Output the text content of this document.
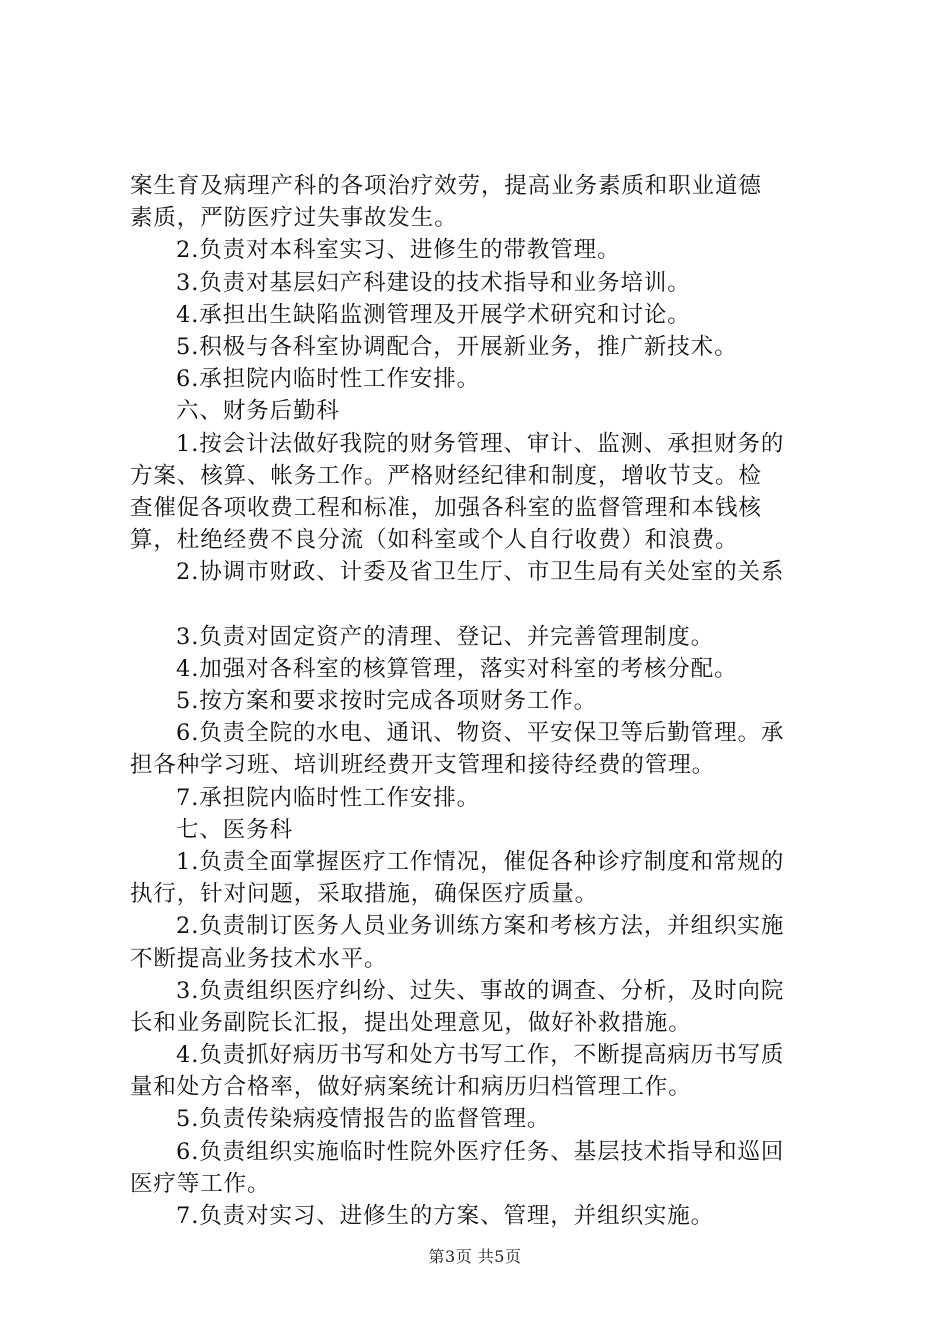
案生育及病理产科的各项治疗效劳，提高业务素质和职业道德

素质，严防医疗过失事故发生。

2.负责对本科室实习、进修生的带教管理。

3.负责对基层妇产科建设的技术指导和业务培训。

4.承担出生缺陷监测管理及开展学术研究和讨论。

5.积极与各科室协调配合，开展新业务，推广新技术。

6.承担院内临时性工作安排。

六、财务后勤科

1.按会计法做好我院的财务管理、审计、监测、承担财务的

方案、核算、帐务工作。严格财经纪律和制度，增收节支。检

查催促各项收费工程和标准，加强各科室的监督管理和本钱核

算，杜绝经费不良分流（如科室或个人自行收费）和浪费。

2.协调市财政、计委及省卫生厅、市卫生局有关处室的关系

3.负责对固定资产的清理、登记、并完善管理制度。

4.加强对各科室的核算管理，落实对科室的考核分配。

5.按方案和要求按时完成各项财务工作。

6.负责全院的水电、通讯、物资、平安保卫等后勤管理。承

担各种学习班、培训班经费开支管理和接待经费的管理。

7.承担院内临时性工作安排。

七、医务科

1.负责全面掌握医疗工作情况，催促各种诊疗制度和常规的

执行，针对问题，采取措施，确保医疗质量。

2.负责制订医务人员业务训练方案和考核方法，并组织实施

不断提高业务技术水平。

3.负责组织医疗纠纷、过失、事故的调查、分析，及时向院

长和业务副院长汇报，提出处理意见，做好补救措施。

4.负责抓好病历书写和处方书写工作，不断提高病历书写质

量和处方合格率，做好病案统计和病历归档管理工作。

5.负责传染病疫情报告的监督管理。

6.负责组织实施临时性院外医疗任务、基层技术指导和巡回

医疗等工作。

7.负责对实习、进修生的方案、管理，并组织实施。

第3页 共5页
